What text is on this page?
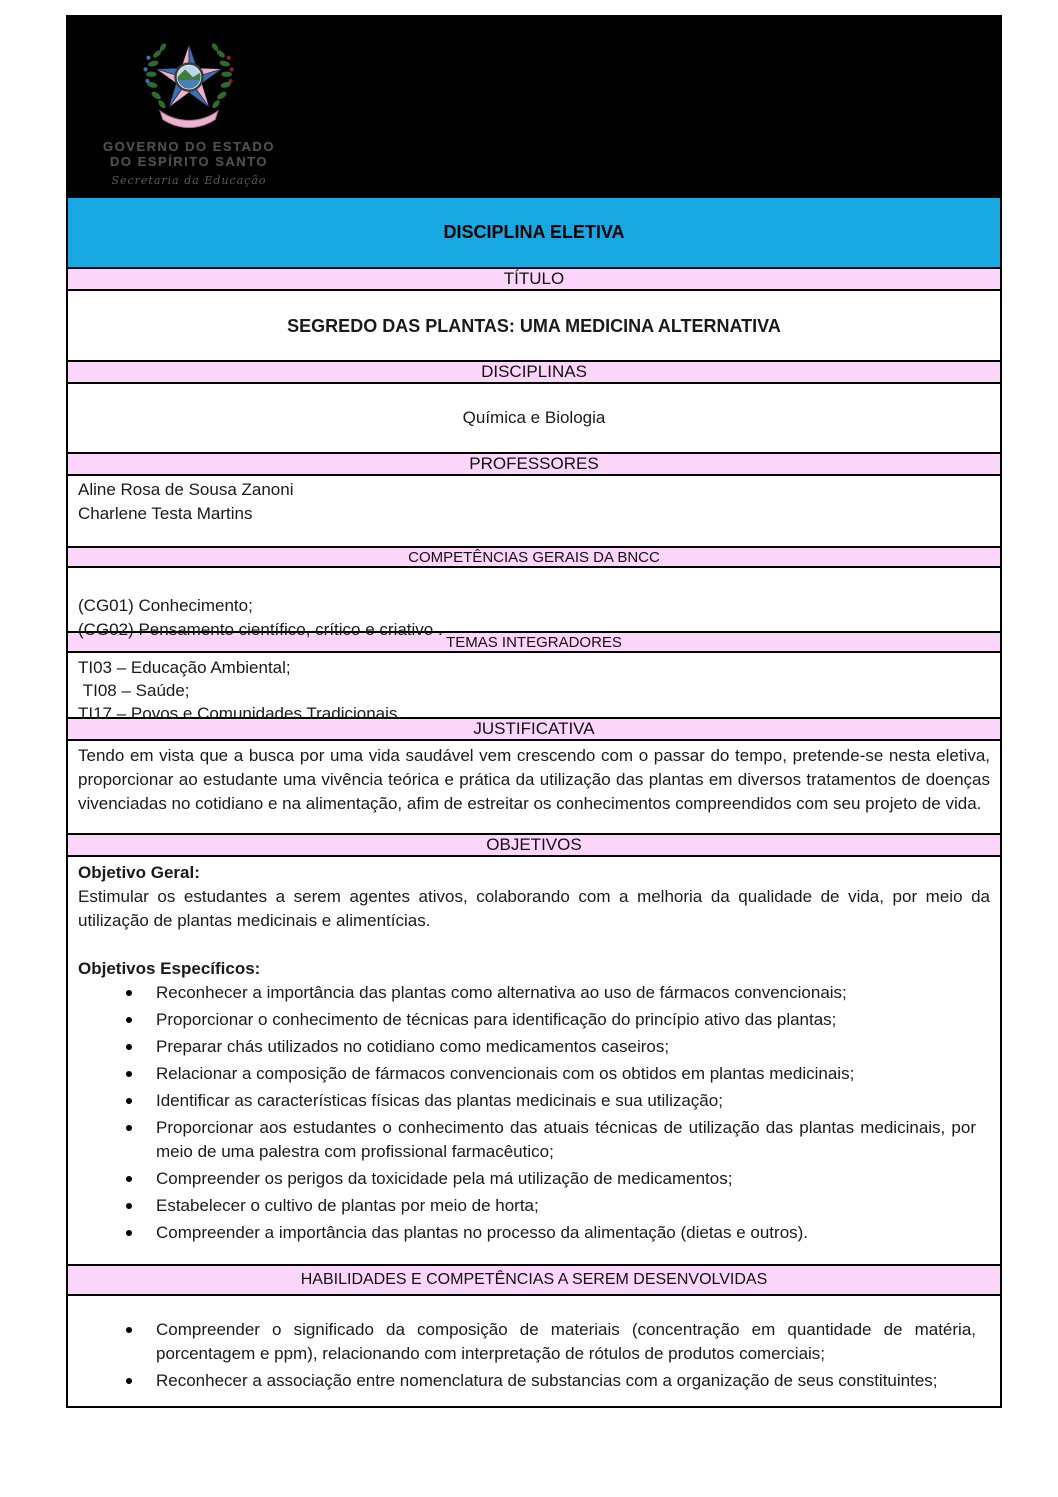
GOVERNO DO ESTADO
DO ESPÍRITO SANTO
Secretaria da Educação
DISCIPLINA ELETIVA
TÍTULO
SEGREDO DAS PLANTAS: UMA MEDICINA ALTERNATIVA
DISCIPLINAS
Química e Biologia
PROFESSORES
Aline Rosa de Sousa Zanoni
Charlene Testa Martins
COMPETÊNCIAS GERAIS DA BNCC
(CG01) Conhecimento;
(CG02) Pensamento científico, crítico e criativo .
TEMAS INTEGRADORES
TI03 – Educação Ambiental;
TI08 – Saúde;
TI17 – Povos e Comunidades Tradicionais.
JUSTIFICATIVA
Tendo em vista que a busca por uma vida saudável vem crescendo com o passar do tempo, pretende-se nesta eletiva, proporcionar ao estudante uma vivência teórica e prática da utilização das plantas em diversos tratamentos de doenças vivenciadas no cotidiano e na alimentação, afim de estreitar os conhecimentos compreendidos com seu projeto de vida.
OBJETIVOS
Objetivo Geral:
Estimular os estudantes a serem agentes ativos, colaborando com a melhoria da qualidade de vida, por meio da utilização de plantas medicinais e alimentícias.
Objetivos Específicos:
Reconhecer a importância das plantas como alternativa ao uso de fármacos convencionais;
Proporcionar o conhecimento de técnicas para identificação do princípio ativo das plantas;
Preparar chás utilizados no cotidiano como medicamentos caseiros;
Relacionar a composição de fármacos convencionais com os obtidos em plantas medicinais;
Identificar as características físicas das plantas medicinais e sua utilização;
Proporcionar aos estudantes o conhecimento das atuais técnicas de utilização das plantas medicinais, por meio de uma palestra com profissional farmacêutico;
Compreender os perigos da toxicidade pela má utilização de medicamentos;
Estabelecer o cultivo de plantas por meio de horta;
Compreender a importância das plantas no processo da alimentação (dietas e outros).
HABILIDADES E COMPETÊNCIAS A SEREM DESENVOLVIDAS
Compreender o significado da composição de materiais (concentração em quantidade de matéria, porcentagem e ppm), relacionando com interpretação de rótulos de produtos comerciais;
Reconhecer a associação entre nomenclatura de substancias com a organização de seus constituintes;
